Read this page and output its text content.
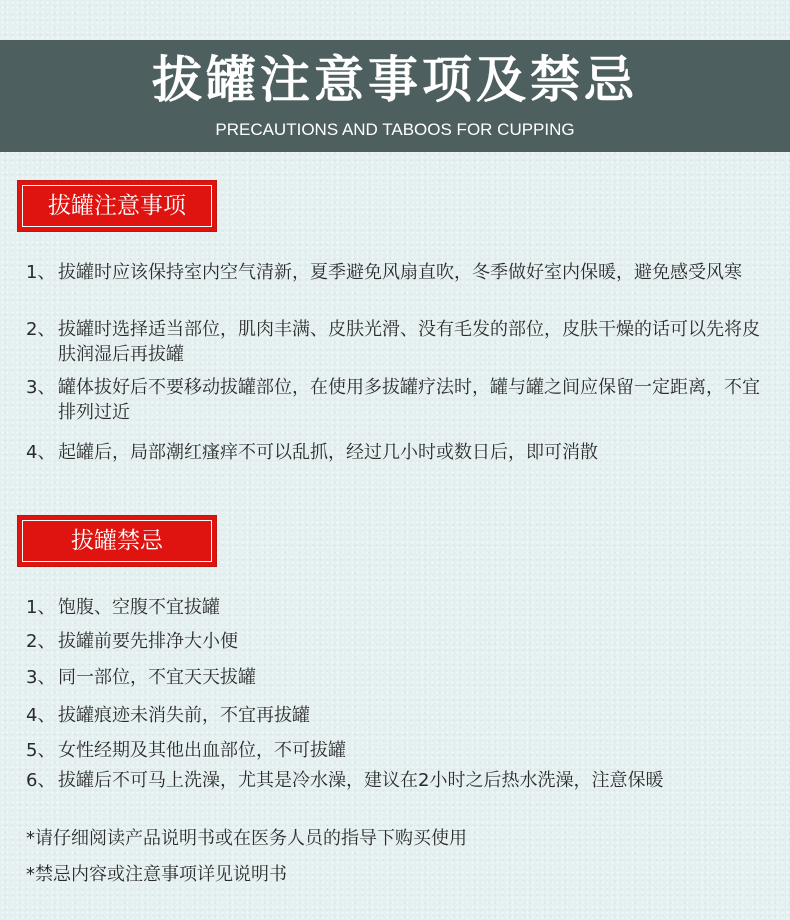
拔罐注意事项及禁忌
PRECAUTIONS AND TABOOS FOR CUPPING
拔罐注意事项
1、 拔罐时应该保持室内空气清新，夏季避免风扇直吹，冬季做好室内保暖，避免感受风寒
2、 拔罐时选择适当部位，肌肉丰满、皮肤光滑、没有毛发的部位，皮肤干燥的话可以先将皮肤润湿后再拔罐
3、 罐体拔好后不要移动拔罐部位，在使用多拔罐疗法时，罐与罐之间应保留一定距离，不宜排列过近
4、 起罐后，局部潮红瘙痒不可以乱抓，经过几小时或数日后，即可消散
拔罐禁忌
1、 饱腹、空腹不宜拔罐
2、 拔罐前要先排净大小便
3、 同一部位，不宜天天拔罐
4、 拔罐痕迹未消失前，不宜再拔罐
5、 女性经期及其他出血部位，不可拔罐
6、 拔罐后不可马上洗澡，尤其是冷水澡，建议在2小时之后热水洗澡，注意保暖
*请仔细阅读产品说明书或在医务人员的指导下购买使用
*禁忌内容或注意事项详见说明书
